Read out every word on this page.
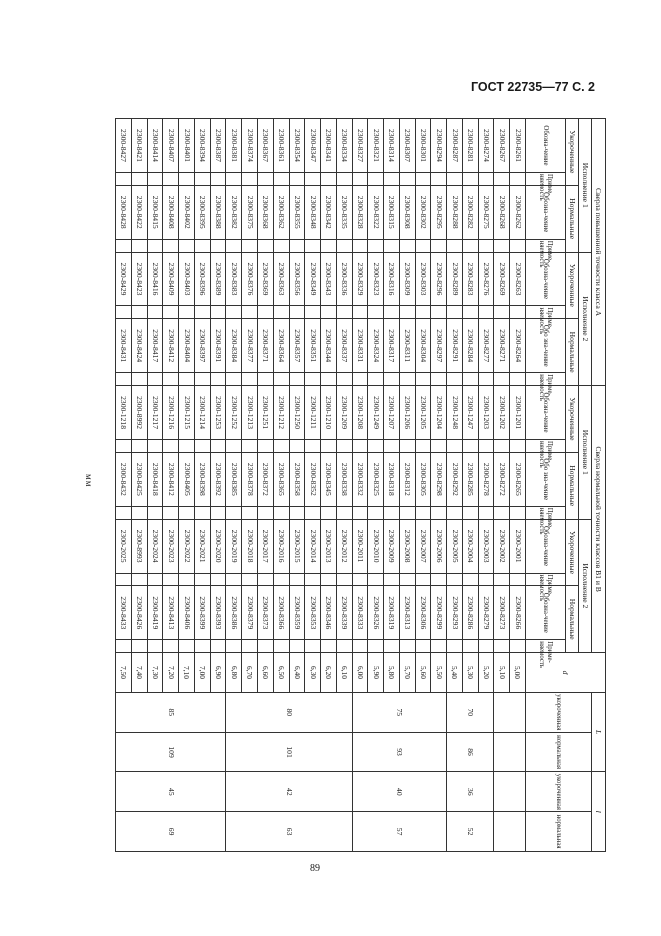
ГОСТ 22735—77 С. 2
мм
Сверла повышенной точности класса А								Сверла нормальной точности классов В1 и В								d	L		l	
Исполнение 1				Исполнение 2				Исполнение 1				Исполнение 2					укороченная	нормальная	укороченная	нормальная
Укороченные		Нормальные		Укороченные		Нормальные		Укороченные		Нормальные		Укороченные		Нормальные						
Обозна-чение	Приме-няемость	Обозна-чение	Приме-няемость	Обозна-чение	Приме-няемость	Обо зна-чение	Приме-няемость	Обозна-чение	Приме-няемость	Обо зна-чение	Приме-няемость	Обозна-чение	Приме-няемость	Обозна-чение	Приме-няемость					
2300-8261		2300-8262		2300-8263		2300-8264		2300-1201		2300-8265		2300-2001		2300-8266		5,00				
2300-8267		2300-8268		2300-8269		2300-8271		2300-1202		2300-8272		2300-2002		2300-8273		5,10				
2300-8274		2300-8275		2300-8276		2300-8277		2300-1203		2300-8278		2300-2003		2300-8279		5,20	70	86	36	52
2300-8281		2300-8282		2300-8283		2300-8284		2300-1247		2300-8285		2300-2004		2300-8286		5,30				
2300-8287		2300-8288		2300-8289		2300-8291		2300-1248		2300-8292		2300-2005		2300-8293		5,40				
2300-8294		2300-8295		2300-8296		2300-8297		2300-1204		2300-8298		2300-2006		2300-8299		5,50	75	93	40	57
2300-8301		2300-8302		2300-8303		2300-8304		2300-1205		2300-8305		2300-2007		2300-8306		5,60				
2300-8307		2300-8308		2300-8309		2300-8311		2300-1206		2300-8312		2300-2008		2300-8313		5,70				
2300-8314		2300-8315		2300-8316		2300-8317		2300-1207		2300-8318		2300-2009		2300-8319		5,80				
2300-8321		2300-8322		2300-8323		2300-8324		2300-1249		2300-8325		2300-2010		2300-8326		5,90				
2300-8327		2300-8328		2300-8329		2300-8331		2300-1208		2300-8332		2300-2011		2300-8333		6,00				
2300-8334		2300-8335		2300-8336		2300-8337		2300-1209		2300-8338		2300-2012		2300-8339		6,10	80	101	42	63
2300-8341		2300-8342		2300-8343		2300-8344		2300-1210		2300-8345		2300-2013		2300-8346		6,20				
2300-8347		2300-8348		2300-8349		2300-8351		2300-1211		2300-8352		2300-2014		2300-8353		6,30				
2300-8354		2300-8355		2300-8356		2300-8357		2300-1250		2300-8358		2300-2015		2300-8359		6,40				
2300-8361		2300-8362		2300-8363		2300-8364		2300-1212		2300-8365		2300-2016		2300-8366		6,50				
2300-8367		2300-8368		2300-8369		2300-8371		2300-1251		2300-8372		2300-2017		2300-8373		6,60				
2300-8374		2300-8375		2300-8376		2300-8377		2300-1213		2300-8378		2300-2018		2300-8379		6,70				
2300-8381		2300-8382		2300-8383		2300-8384		2300-1252		2300-8385		2300-2019		2300-8386		6,80				
2300-8387		2300-8388		2300-8389		2300-8391		2300-1253		2300-8392		2300-2020		2300-8393		6,90	85	109	45	69
2300-8394		2300-8395		2300-8396		2300-8397		2300-1214		2300-8398		2300-2021		2300-8399		7,00				
2300-8401		2300-8402		2300-8403		2300-8404		2300-1215		2300-8405		2300-2022		2300-8406		7,10				
2300-8407		2300-8408		2300-8409		2300-8412		2300-1216		2300-8412		2300-2023		2300-8413		7,20				
2300-8414		2300-8415		2300-8416		2300-8417		2300-1217		2300-8418		2300-2024		2300-8419		7,30				
2300-8421		2300-8422		2300-8423		2300-8424		2300-8992		2300-8425		2300-8993		2300-8426		7,40				
2300-8427		2300-8428		2300-8429		2300-8431		2300-1218		2300-8432		2300-2025		2300-8433		7,50				
89
